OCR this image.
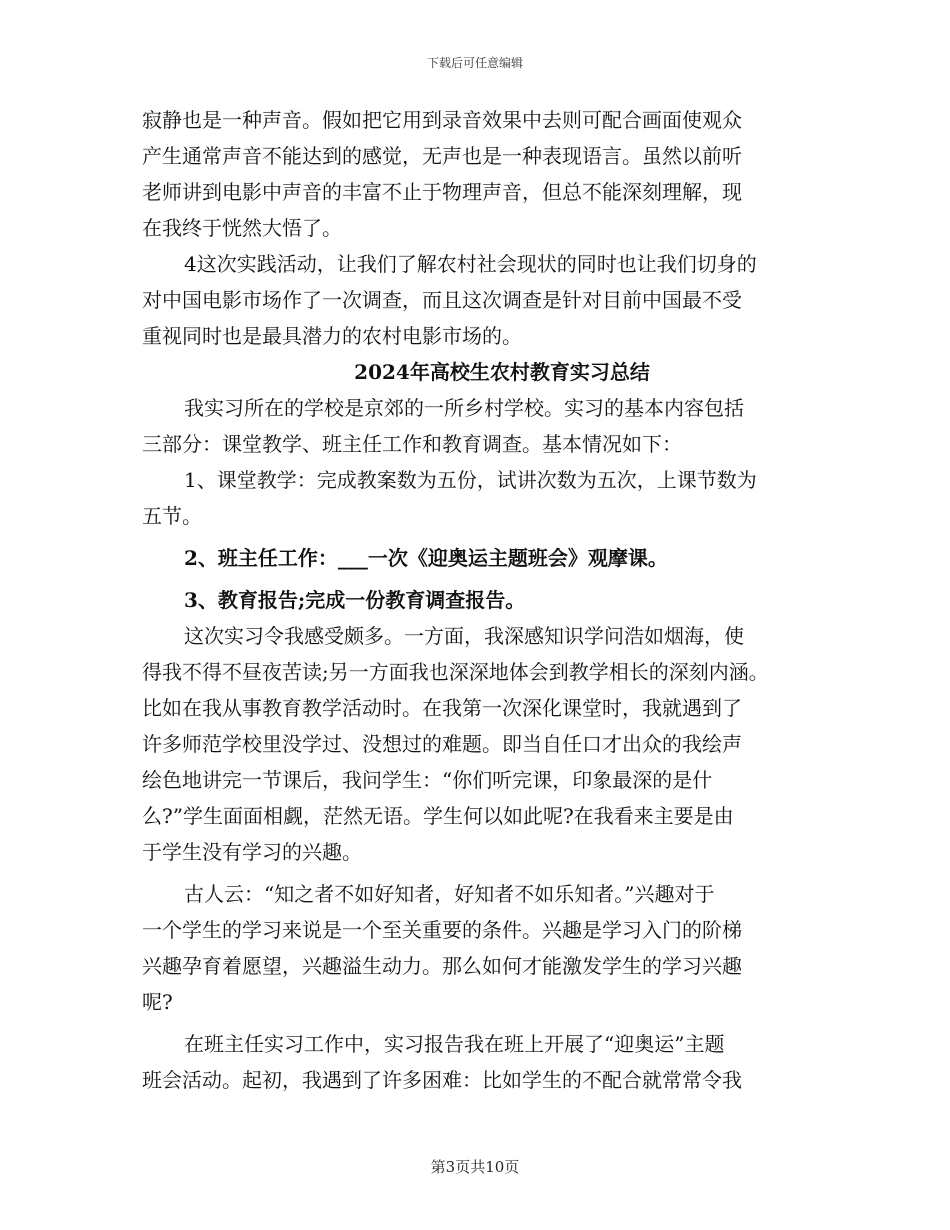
下载后可任意编辑
寂静也是一种声音。假如把它用到录音效果中去则可配合画面使观众
产生通常声音不能达到的感觉，无声也是一种表现语言。虽然以前听
老师讲到电影中声音的丰富不止于物理声音，但总不能深刻理解，现
在我终于恍然大悟了。
4这次实践活动，让我们了解农村社会现状的同时也让我们切身的
对中国电影市场作了一次调查，而且这次调查是针对目前中国最不受
重视同时也是最具潜力的农村电影市场的。
2024年高校生农村教育实习总结
我实习所在的学校是京郊的一所乡村学校。实习的基本内容包括
三部分：课堂教学、班主任工作和教育调查。基本情况如下：
1、课堂教学：完成教案数为五份，试讲次数为五次，上课节数为
五节。
2、班主任工作：___一次《迎奥运主题班会》观摩课。
3、教育报告;完成一份教育调查报告。
这次实习令我感受颇多。一方面，我深感知识学问浩如烟海，使
得我不得不昼夜苦读;另一方面我也深深地体会到教学相长的深刻内涵。
比如在我从事教育教学活动时。在我第一次深化课堂时，我就遇到了
许多师范学校里没学过、没想过的难题。即当自任口才出众的我绘声
绘色地讲完一节课后，我问学生：“你们听完课，印象最深的是什
么?”学生面面相觑，茫然无语。学生何以如此呢?在我看来主要是由
于学生没有学习的兴趣。
古人云：“知之者不如好知者，好知者不如乐知者。”兴趣对于
一个学生的学习来说是一个至关重要的条件。兴趣是学习入门的阶梯
兴趣孕育着愿望，兴趣溢生动力。那么如何才能激发学生的学习兴趣
呢?
在班主任实习工作中，实习报告我在班上开展了“迎奥运”主题
班会活动。起初，我遇到了许多困难：比如学生的不配合就常常令我
第3页共10页
